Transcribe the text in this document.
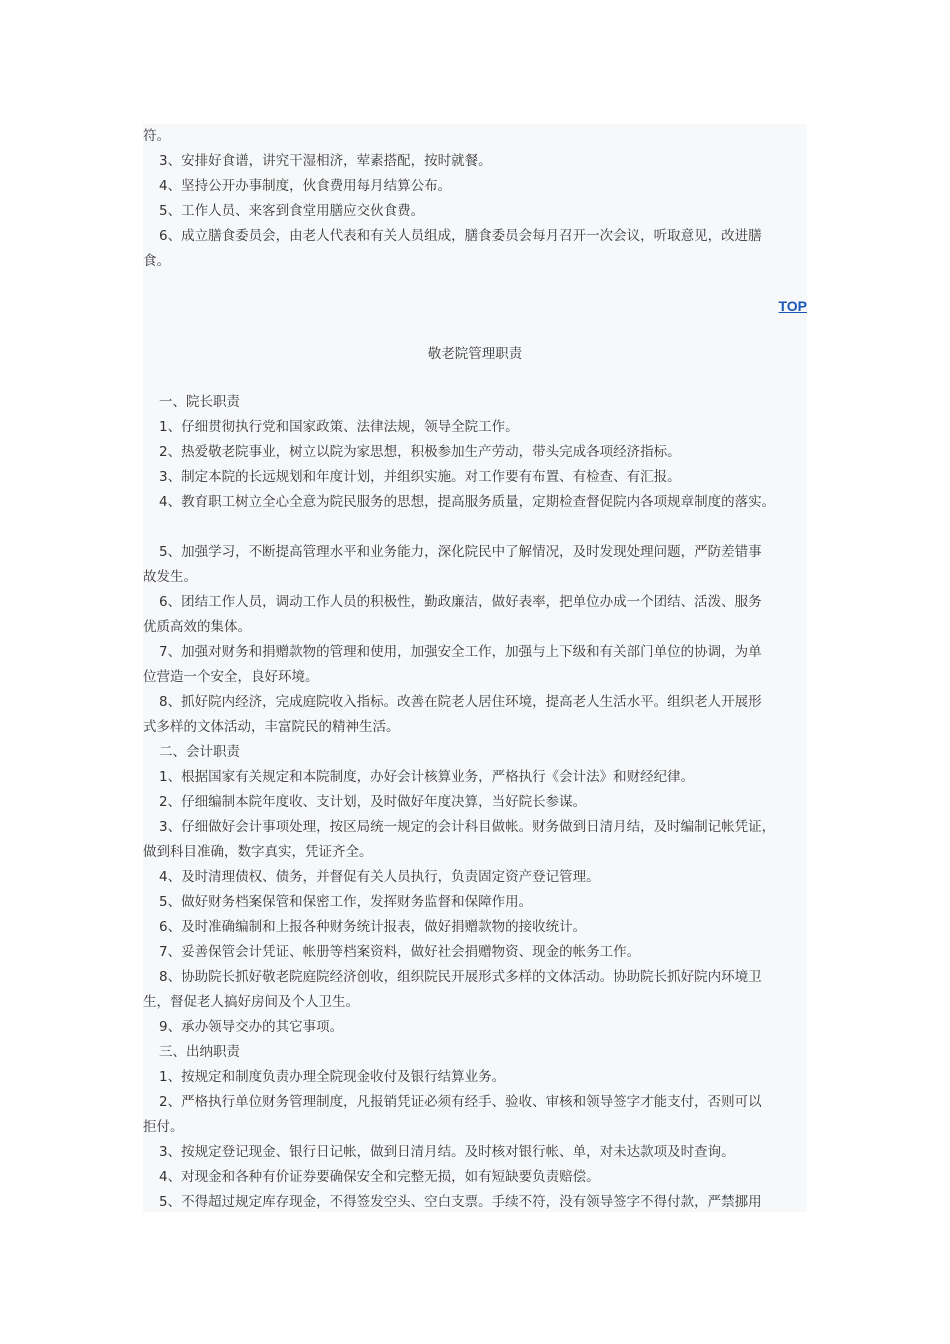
符。

3、安排好食谱，讲究干湿相济，荤素搭配，按时就餐。

4、坚持公开办事制度，伙食费用每月结算公布。

5、工作人员、来客到食堂用膳应交伙食费。

6、成立膳食委员会，由老人代表和有关人员组成，膳食委员会每月召开一次会议，听取意见，改进膳

食。

TOP
敬老院管理职责

一、院长职责

1、仔细贯彻执行党和国家政策、法律法规，领导全院工作。

2、热爱敬老院事业，树立以院为家思想，积极参加生产劳动，带头完成各项经济指标。

3、制定本院的长远规划和年度计划，并组织实施。对工作要有布置、有检查、有汇报。

4、教育职工树立全心全意为院民服务的思想，提高服务质量，定期检查督促院内各项规章制度的落实。

5、加强学习，不断提高管理水平和业务能力，深化院民中了解情况，及时发现处理问题，严防差错事

故发生。

6、团结工作人员，调动工作人员的积极性，勤政廉洁，做好表率，把单位办成一个团结、活泼、服务

优质高效的集体。

7、加强对财务和捐赠款物的管理和使用，加强安全工作，加强与上下级和有关部门单位的协调，为单

位营造一个安全，良好环境。

8、抓好院内经济，完成庭院收入指标。改善在院老人居住环境，提高老人生活水平。组织老人开展形

式多样的文体活动，丰富院民的精神生活。

二、会计职责

1、根据国家有关规定和本院制度，办好会计核算业务，严格执行《会计法》和财经纪律。

2、仔细编制本院年度收、支计划，及时做好年度决算，当好院长参谋。

3、仔细做好会计事项处理，按区局统一规定的会计科目做帐。财务做到日清月结，及时编制记帐凭证，

做到科目准确，数字真实，凭证齐全。

4、及时清理债权、债务，并督促有关人员执行，负责固定资产登记管理。

5、做好财务档案保管和保密工作，发挥财务监督和保障作用。

6、及时准确编制和上报各种财务统计报表，做好捐赠款物的接收统计。

7、妥善保管会计凭证、帐册等档案资料，做好社会捐赠物资、现金的帐务工作。

8、协助院长抓好敬老院庭院经济创收，组织院民开展形式多样的文体活动。协助院长抓好院内环境卫

生，督促老人搞好房间及个人卫生。

9、承办领导交办的其它事项。

三、出纳职责

1、按规定和制度负责办理全院现金收付及银行结算业务。

2、严格执行单位财务管理制度，凡报销凭证必须有经手、验收、审核和领导签字才能支付，否则可以

拒付。

3、按规定登记现金、银行日记帐，做到日清月结。及时核对银行帐、单，对未达款项及时查询。

4、对现金和各种有价证券要确保安全和完整无损，如有短缺要负责赔偿。

5、不得超过规定库存现金，不得签发空头、空白支票。手续不符，没有领导签字不得付款，严禁挪用
